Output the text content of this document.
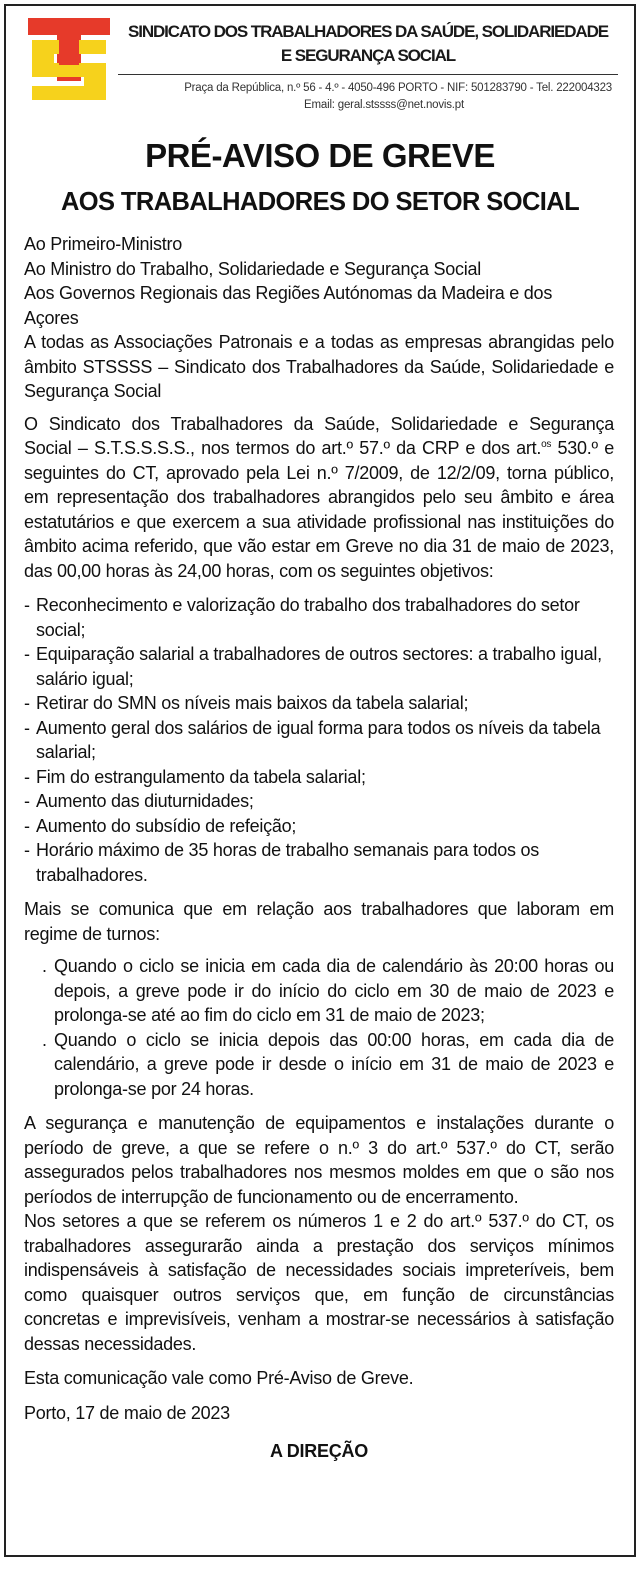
SINDICATO DOS TRABALHADORES DA SAÚDE, SOLIDARIEDADE
E SEGURANÇA SOCIAL
Praça da República, n.º 56 - 4.º - 4050-496 PORTO - NIF: 501283790 - Tel. 222004323
Email: geral.stssss@net.novis.pt
PRÉ-AVISO DE GREVE
AOS TRABALHADORES DO SETOR SOCIAL
Ao Primeiro-Ministro
Ao Ministro do Trabalho, Solidariedade e Segurança Social
Aos Governos Regionais das Regiões Autónomas da Madeira e dos Açores
A todas as Associações Patronais e a todas as empresas abrangidas pelo âmbito STSSSS – Sindicato dos Trabalhadores da Saúde, Solidariedade e Segurança Social

O Sindicato dos Trabalhadores da Saúde, Solidariedade e Segurança Social – S.T.S.S.S.S., nos termos do art.º 57.º da CRP e dos art.$^{os}$ 530.º e seguintes do CT, aprovado pela Lei n.º 7/2009, de 12/2/09, torna público, em representação dos trabalhadores abrangidos pelo seu âmbito e área estatutários e que exercem a sua atividade profissional nas instituições do âmbito acima referido, que vão estar em Greve no dia 31 de maio de 2023, das 00,00 horas às 24,00 horas, com os seguintes objetivos:

- Reconhecimento e valorização do trabalho dos trabalhadores do setor social;
- Equiparação salarial a trabalhadores de outros sectores: a trabalho igual, salário igual;
- Retirar do SMN os níveis mais baixos da tabela salarial;
- Aumento geral dos salários de igual forma para todos os níveis da tabela salarial;
- Fim do estrangulamento da tabela salarial;
- Aumento das diuturnidades;
- Aumento do subsídio de refeição;
- Horário máximo de 35 horas de trabalho semanais para todos os trabalhadores.

Mais se comunica que em relação aos trabalhadores que laboram em regime de turnos:

. Quando o ciclo se inicia em cada dia de calendário às 20:00 horas ou depois, a greve pode ir do início do ciclo em 30 de maio de 2023 e prolonga-se até ao fim do ciclo em 31 de maio de 2023;
. Quando o ciclo se inicia depois das 00:00 horas, em cada dia de calendário, a greve pode ir desde o início em 31 de maio de 2023 e prolonga-se por 24 horas.

A segurança e manutenção de equipamentos e instalações durante o período de greve, a que se refere o n.º 3 do art.º 537.º do CT, serão assegurados pelos trabalhadores nos mesmos moldes em que o são nos períodos de interrupção de funcionamento ou de encerramento.

Nos setores a que se referem os números 1 e 2 do art.º 537.º do CT, os trabalhadores assegurarão ainda a prestação dos serviços mínimos indispensáveis à satisfação de necessidades sociais impreteríveis, bem como quaisquer outros serviços que, em função de circunstâncias concretas e imprevisíveis, venham a mostrar-se necessários à satisfação dessas necessidades.

Esta comunicação vale como Pré-Aviso de Greve.

Porto, 17 de maio de 2023

A DIREÇÃO
